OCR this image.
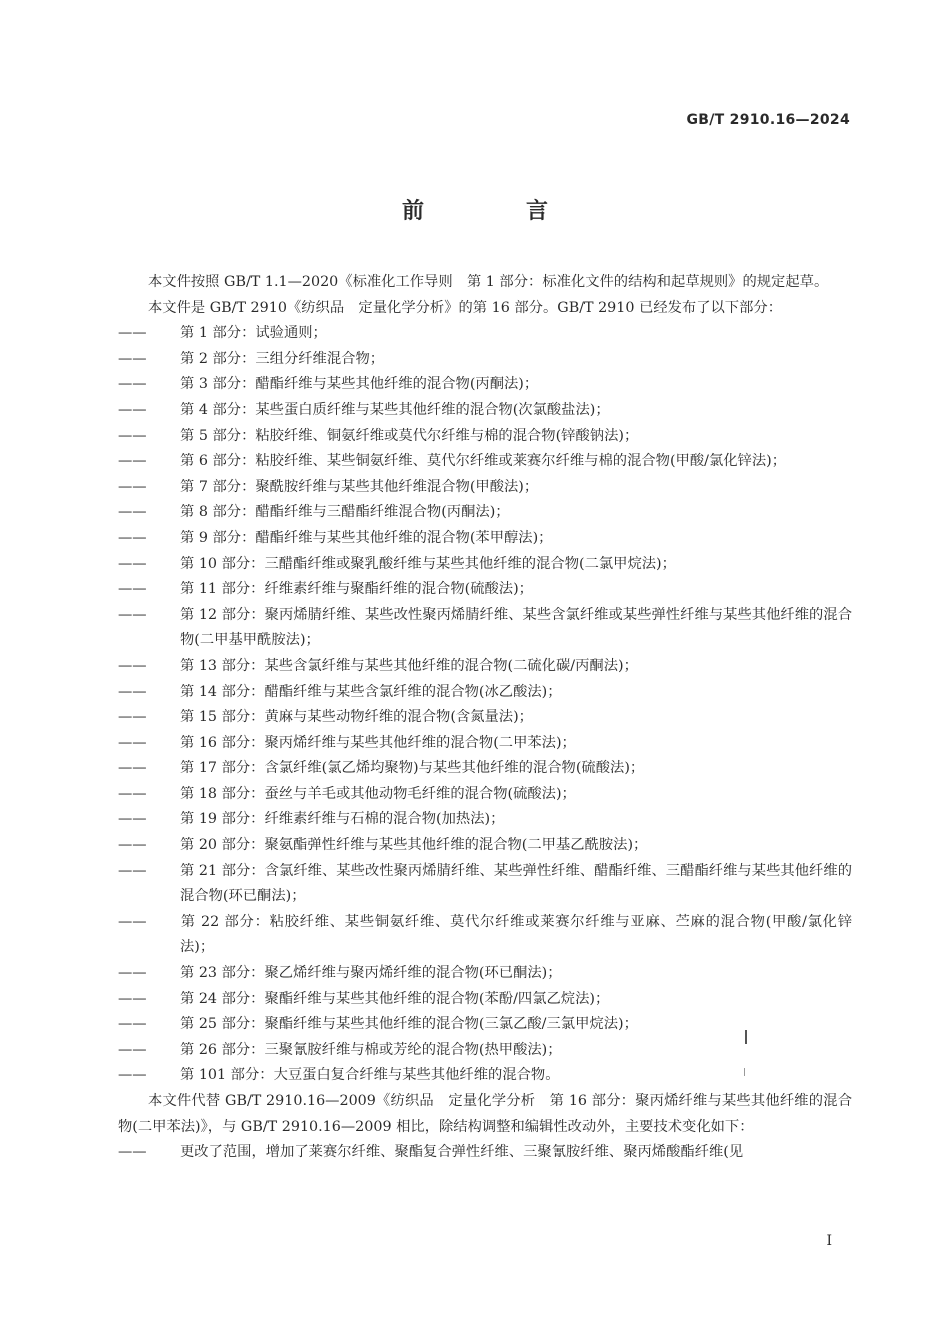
GB/T 2910.16—2024
前　言

本文件按照 GB/T 1.1—2020《标准化工作导则　第 1 部分：标准化文件的结构和起草规则》的规定起草。

本文件是 GB/T 2910《纺织品　定量化学分析》的第 16 部分。GB/T 2910 已经发布了以下部分：

—— 第 1 部分：试验通则；

—— 第 2 部分：三组分纤维混合物；

—— 第 3 部分：醋酯纤维与某些其他纤维的混合物(丙酮法)；

—— 第 4 部分：某些蛋白质纤维与某些其他纤维的混合物(次氯酸盐法)；

—— 第 5 部分：粘胶纤维、铜氨纤维或莫代尔纤维与棉的混合物(锌酸钠法)；

—— 第 6 部分：粘胶纤维、某些铜氨纤维、莫代尔纤维或莱赛尔纤维与棉的混合物(甲酸/氯化锌法)；

—— 第 7 部分：聚酰胺纤维与某些其他纤维混合物(甲酸法)；

—— 第 8 部分：醋酯纤维与三醋酯纤维混合物(丙酮法)；

—— 第 9 部分：醋酯纤维与某些其他纤维的混合物(苯甲醇法)；

—— 第 10 部分：三醋酯纤维或聚乳酸纤维与某些其他纤维的混合物(二氯甲烷法)；

—— 第 11 部分：纤维素纤维与聚酯纤维的混合物(硫酸法)；

—— 第 12 部分：聚丙烯腈纤维、某些改性聚丙烯腈纤维、某些含氯纤维或某些弹性纤维与某些其他纤维的混合物(二甲基甲酰胺法)；

—— 第 13 部分：某些含氯纤维与某些其他纤维的混合物(二硫化碳/丙酮法)；

—— 第 14 部分：醋酯纤维与某些含氯纤维的混合物(冰乙酸法)；

—— 第 15 部分：黄麻与某些动物纤维的混合物(含氮量法)；

—— 第 16 部分：聚丙烯纤维与某些其他纤维的混合物(二甲苯法)；

—— 第 17 部分：含氯纤维(氯乙烯均聚物)与某些其他纤维的混合物(硫酸法)；

—— 第 18 部分：蚕丝与羊毛或其他动物毛纤维的混合物(硫酸法)；

—— 第 19 部分：纤维素纤维与石棉的混合物(加热法)；

—— 第 20 部分：聚氨酯弹性纤维与某些其他纤维的混合物(二甲基乙酰胺法)；

—— 第 21 部分：含氯纤维、某些改性聚丙烯腈纤维、某些弹性纤维、醋酯纤维、三醋酯纤维与某些其他纤维的混合物(环已酮法)；

—— 第 22 部分：粘胶纤维、某些铜氨纤维、莫代尔纤维或莱赛尔纤维与亚麻、苎麻的混合物(甲酸/氯化锌法)；

—— 第 23 部分：聚乙烯纤维与聚丙烯纤维的混合物(环已酮法)；

—— 第 24 部分：聚酯纤维与某些其他纤维的混合物(苯酚/四氯乙烷法)；

—— 第 25 部分：聚酯纤维与某些其他纤维的混合物(三氯乙酸/三氯甲烷法)；

—— 第 26 部分：三聚氰胺纤维与棉或芳纶的混合物(热甲酸法)；

—— 第 101 部分：大豆蛋白复合纤维与某些其他纤维的混合物。

本文件代替 GB/T 2910.16—2009《纺织品　定量化学分析　第 16 部分：聚丙烯纤维与某些其他纤维的混合物(二甲苯法)》，与 GB/T 2910.16—2009 相比，除结构调整和编辑性改动外，主要技术变化如下：

—— 更改了范围，增加了莱赛尔纤维、聚酯复合弹性纤维、三聚氰胺纤维、聚丙烯酸酯纤维(见

I
